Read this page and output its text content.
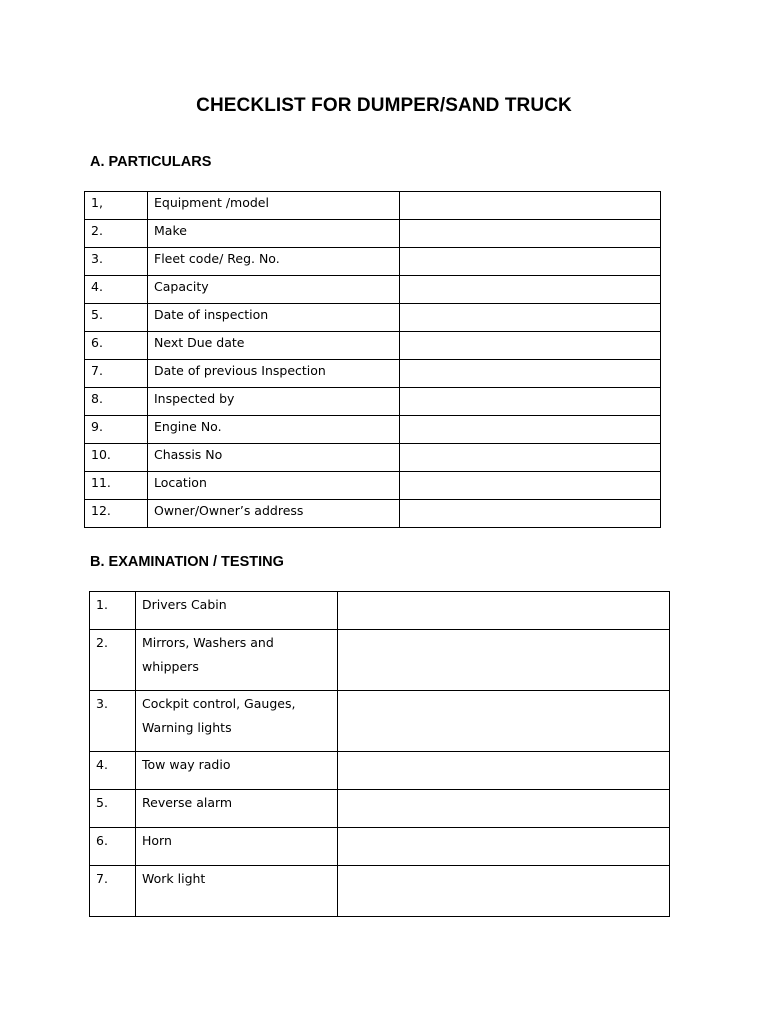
CHECKLIST FOR DUMPER/SAND TRUCK
A. PARTICULARS
1,	Equipment /model	
2.	Make	
3.	Fleet code/ Reg. No.	
4.	Capacity	
5.	Date of inspection	
6.	Next Due date	
7.	Date of previous Inspection	
8.	Inspected by	
9.	Engine No.	
10.	Chassis No	
11.	Location	
12.	Owner/Owner’s address	
B. EXAMINATION / TESTING
1.	Drivers Cabin	

2.	Mirrors, Washers and
whippers	

3.	Cockpit control, Gauges,
Warning lights	

4.	Tow way radio	

5.	Reverse alarm	

6.	Horn	

7.	Work light	
